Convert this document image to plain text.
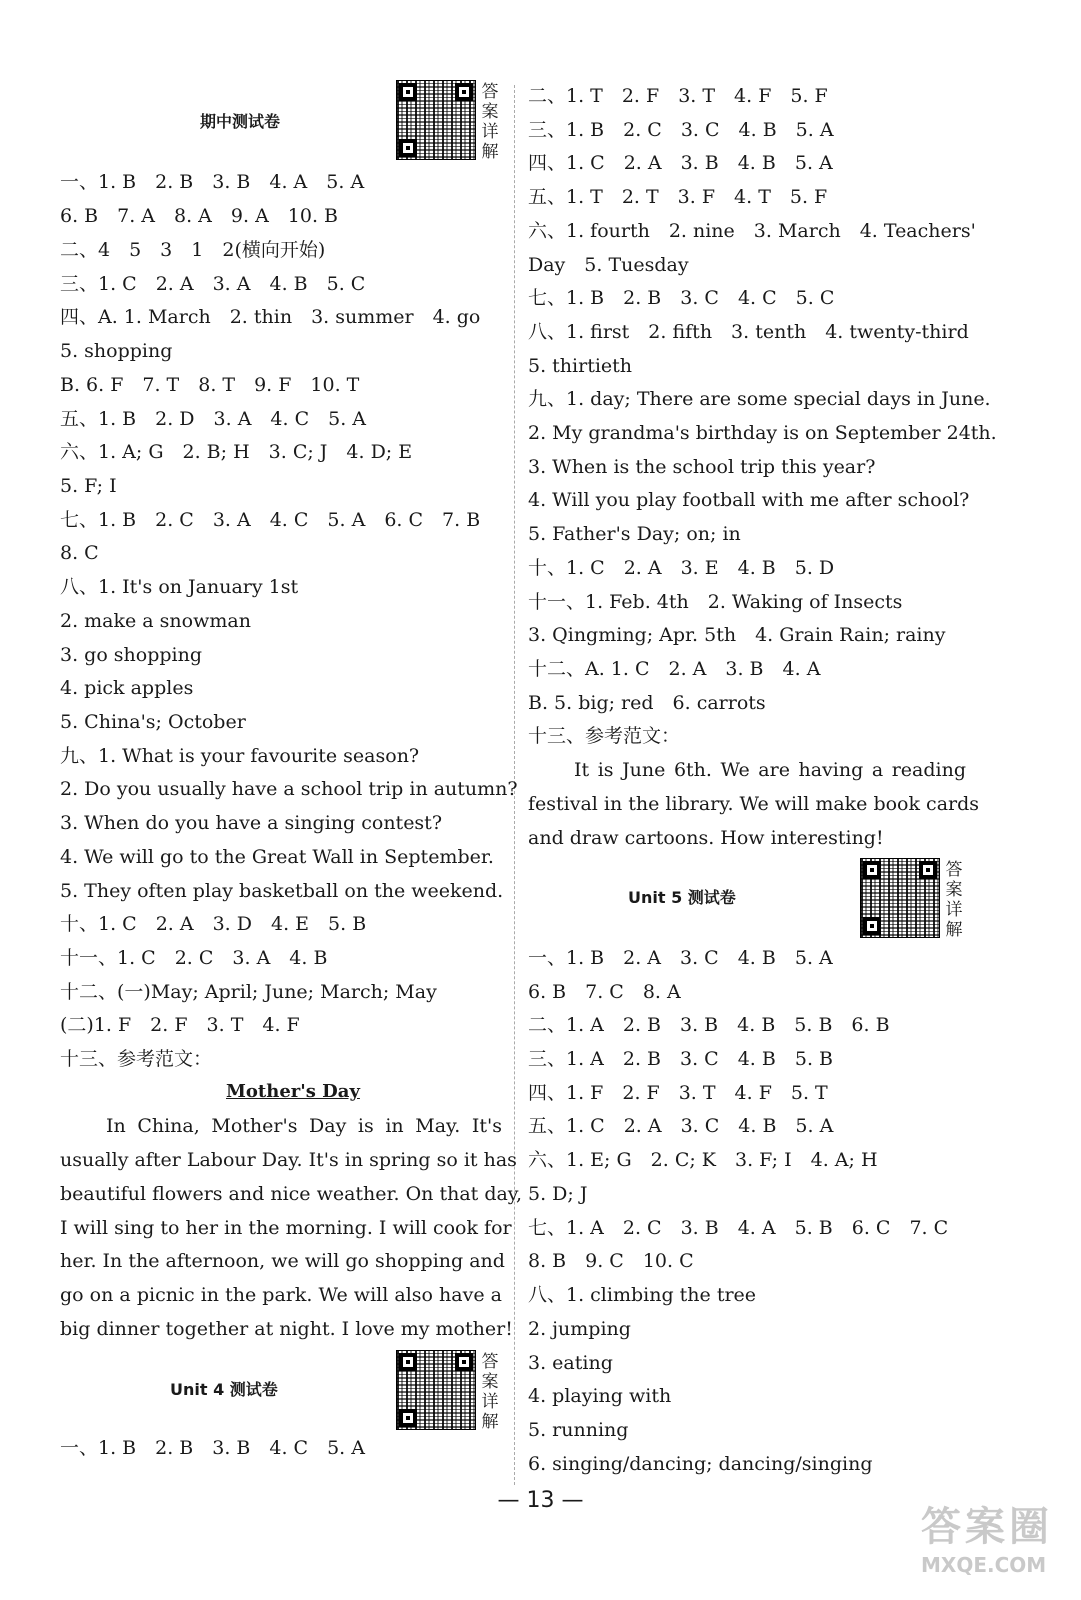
期中测试卷
答
案
详
解
一、1. B　2. B　3. B　4. A　5. A
6. B　7. A　8. A　9. A　10. B
二、4　5　3　1　2(横向开始)
三、1. C　2. A　3. A　4. B　5. C
四、A. 1. March　2. thin　3. summer　4. go
5. shopping
B. 6. F　7. T　8. T　9. F　10. T
五、1. B　2. D　3. A　4. C　5. A
六、1. A; G　2. B; H　3. C; J　4. D; E
5. F; I
七、1. B　2. C　3. A　4. C　5. A　6. C　7. B
8. C
八、1. It's on January 1st
2. make a snowman
3. go shopping
4. pick apples
5. China's; October
九、1. What is your favourite season?
2. Do you usually have a school trip in autumn?
3. When do you have a singing contest?
4. We will go to the Great Wall in September.
5. They often play basketball on the weekend.
十、1. C　2. A　3. D　4. E　5. B
十一、1. C　2. C　3. A　4. B
十二、(一)May; April; June; March; May
(二)1. F　2. F　3. T　4. F
十三、参考范文：
Mother's Day
In China, Mother's Day is in May. It's
usually after Labour Day. It's in spring so it has
beautiful flowers and nice weather. On that day,
I will sing to her in the morning. I will cook for
her. In the afternoon, we will go shopping and
go on a picnic in the park. We will also have a
big dinner together at night. I love my mother!
Unit 4 测试卷
答
案
详
解
一、1. B　2. B　3. B　4. C　5. A
二、1. T　2. F　3. T　4. F　5. F
三、1. B　2. C　3. C　4. B　5. A
四、1. C　2. A　3. B　4. B　5. A
五、1. T　2. T　3. F　4. T　5. F
六、1. fourth　2. nine　3. March　4. Teachers'
Day　5. Tuesday
七、1. B　2. B　3. C　4. C　5. C
八、1. first　2. fifth　3. tenth　4. twenty-third
5. thirtieth
九、1. day; There are some special days in June.
2. My grandma's birthday is on September 24th.
3. When is the school trip this year?
4. Will you play football with me after school?
5. Father's Day; on; in
十、1. C　2. A　3. E　4. B　5. D
十一、1. Feb. 4th　2. Waking of Insects
3. Qingming; Apr. 5th　4. Grain Rain; rainy
十二、A. 1. C　2. A　3. B　4. A
B. 5. big; red　6. carrots
十三、参考范文：
It is June 6th. We are having a reading
festival in the library. We will make book cards
and draw cartoons. How interesting!
Unit 5 测试卷
答
案
详
解
一、1. B　2. A　3. C　4. B　5. A
6. B　7. C　8. A
二、1. A　2. B　3. B　4. B　5. B　6. B
三、1. A　2. B　3. C　4. B　5. B
四、1. F　2. F　3. T　4. F　5. T
五、1. C　2. A　3. C　4. B　5. A
六、1. E; G　2. C; K　3. F; I　4. A; H
5. D; J
七、1. A　2. C　3. B　4. A　5. B　6. C　7. C
8. B　9. C　10. C
八、1. climbing the tree
2. jumping
3. eating
4. playing with
5. running
6. singing/dancing; dancing/singing
— 13 —
答案圈
MXQE.COM
